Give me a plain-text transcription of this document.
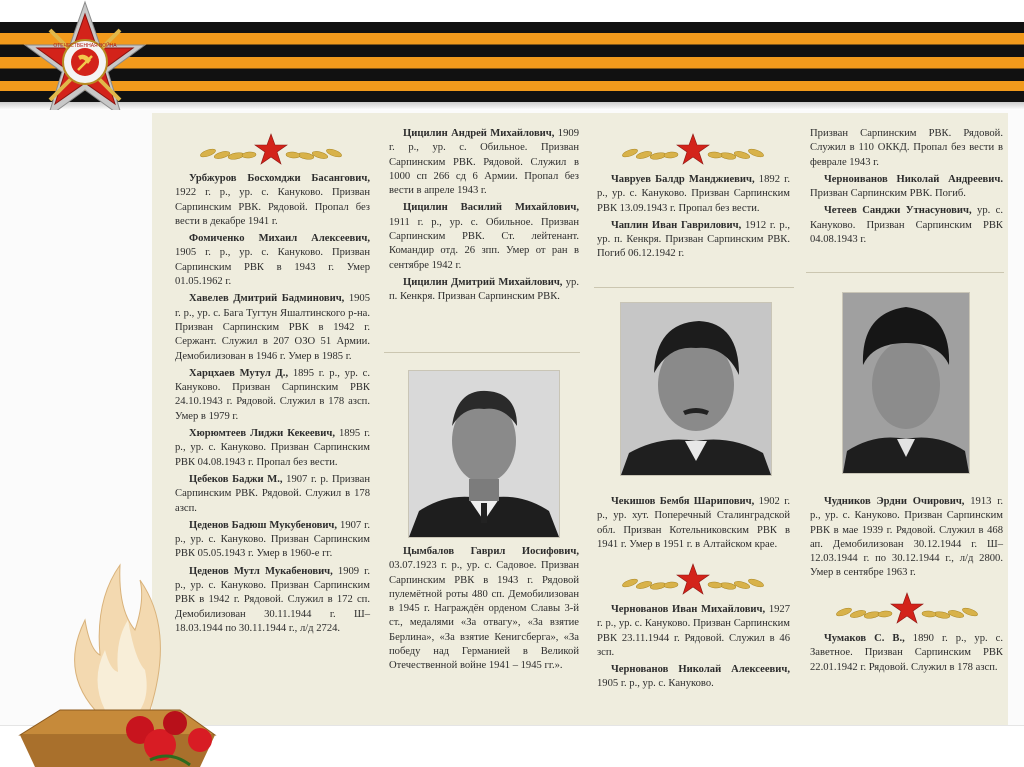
ОТЕЧЕСТВЕННАЯ ВОЙНА

Урбжуров Босхомджи Басангович, 1922 г. р., ур. с. Кануково. Призван Сарпинским РВК. Рядовой. Пропал без вести в декабре 1941 г.

Фомиченко Михаил Алексеевич, 1905 г. р., ур. с. Кануково. Призван Сарпинским РВК в 1943 г. Умер 01.05.1962 г.

Хавелев Дмитрий Бадминович, 1905 г. р., ур. с. Бага Тугтун Яшалтинского р-на. Призван Сарпинским РВК в 1942 г. Сержант. Служил в 207 ОЗО 51 Армии. Демобилизован в 1946 г. Умер в 1985 г.

Харцхаев Мутул Д., 1895 г. р., ур. с. Кануково. Призван Сарпинским РВК 24.10.1943 г. Рядовой. Служил в 178 азсп. Умер в 1979 г.

Хюрюмтеев Лиджи Кекеевич, 1895 г. р., ур. с. Кануково. Призван Сарпинским РВК 04.08.1943 г. Пропал без вести.

Цебеков Баджи М., 1907 г. р. Призван Сарпинским РВК. Рядовой. Служил в 178 азсп.

Цеденов Бадюш Мукубенович, 1907 г. р., ур. с. Кануково. Призван Сарпинским РВК 05.05.1943 г. Умер в 1960-е гг.

Цеденов Мутл Мукабенович, 1909 г. р., ур. с. Кануково. Призван Сарпинским РВК в 1942 г. Рядовой. Служил в 172 сп. Демобилизован 30.11.1944 г. Ш–18.03.1944 по 30.11.1944 г., л/д 2724.

Цицилин Андрей Михайлович, 1909 г. р., ур. с. Обильное. Призван Сарпинским РВК. Рядовой. Служил в 1000 сп 266 сд 6 Армии. Пропал без вести в апреле 1943 г.

Цицилин Василий Михайлович, 1911 г. р., ур. с. Обильное. Призван Сарпинским РВК. Ст. лейтенант. Командир отд. 26 зпп. Умер от ран в сентябре 1942 г.

Цицилин Дмитрий Михайлович, ур. п. Кенкря. Призван Сарпинским РВК.

Цымбалов Гаврил Иосифович, 03.07.1923 г. р., ур. с. Садовое. Призван Сарпинским РВК в 1943 г. Рядовой пулемётной роты 480 сп. Демобилизован в 1945 г. Награждён орденом Славы 3-й ст., медалями «За отвагу», «За взятие Берлина», «За взятие Кенигсберга», «За победу над Германией в Великой Отечественной войне 1941 – 1945 гг.».

Чавруев Балдр Манджиевич, 1892 г. р., ур. с. Кануково. Призван Сарпинским РВК 13.09.1943 г. Пропал без вести.

Чаплин Иван Гаврилович, 1912 г. р., ур. п. Кенкря. Призван Сарпинским РВК. Погиб 06.12.1942 г.

Чекишов Бембя Шарипович, 1902 г. р., ур. хут. Поперечный Сталинградской обл. Призван Котельниковским РВК в 1941 г. Умер в 1951 г. в Алтайском крае.

Чернованов Иван Михайлович, 1927 г. р., ур. с. Кануково. Призван Сарпинским РВК 23.11.1944 г. Рядовой. Служил в 46 зсп.

Чернованов Николай Алексеевич, 1905 г. р., ур. с. Кануково.

Призван Сарпинским РВК. Рядовой. Служил в 110 ОККД. Пропал без вести в феврале 1943 г.

Черноиванов Николай Андреевич. Призван Сарпинским РВК. Погиб.

Четеев Санджи Утнасунович, ур. с. Кануково. Призван Сарпинским РВК 04.08.1943 г.

Чудников Эрдни Очирович, 1913 г. р., ур. с. Кануково. Призван Сарпинским РВК в мае 1939 г. Рядовой. Служил в 468 ап. Демобилизован 30.12.1944 г. Ш–12.03.1944 г. по 30.12.1944 г., л/д 2800. Умер в сентябре 1963 г.

Чумаков С. В., 1890 г. р., ур. с. Заветное. Призван Сарпинским РВК 22.01.1942 г. Рядовой. Служил в 178 азсп.
